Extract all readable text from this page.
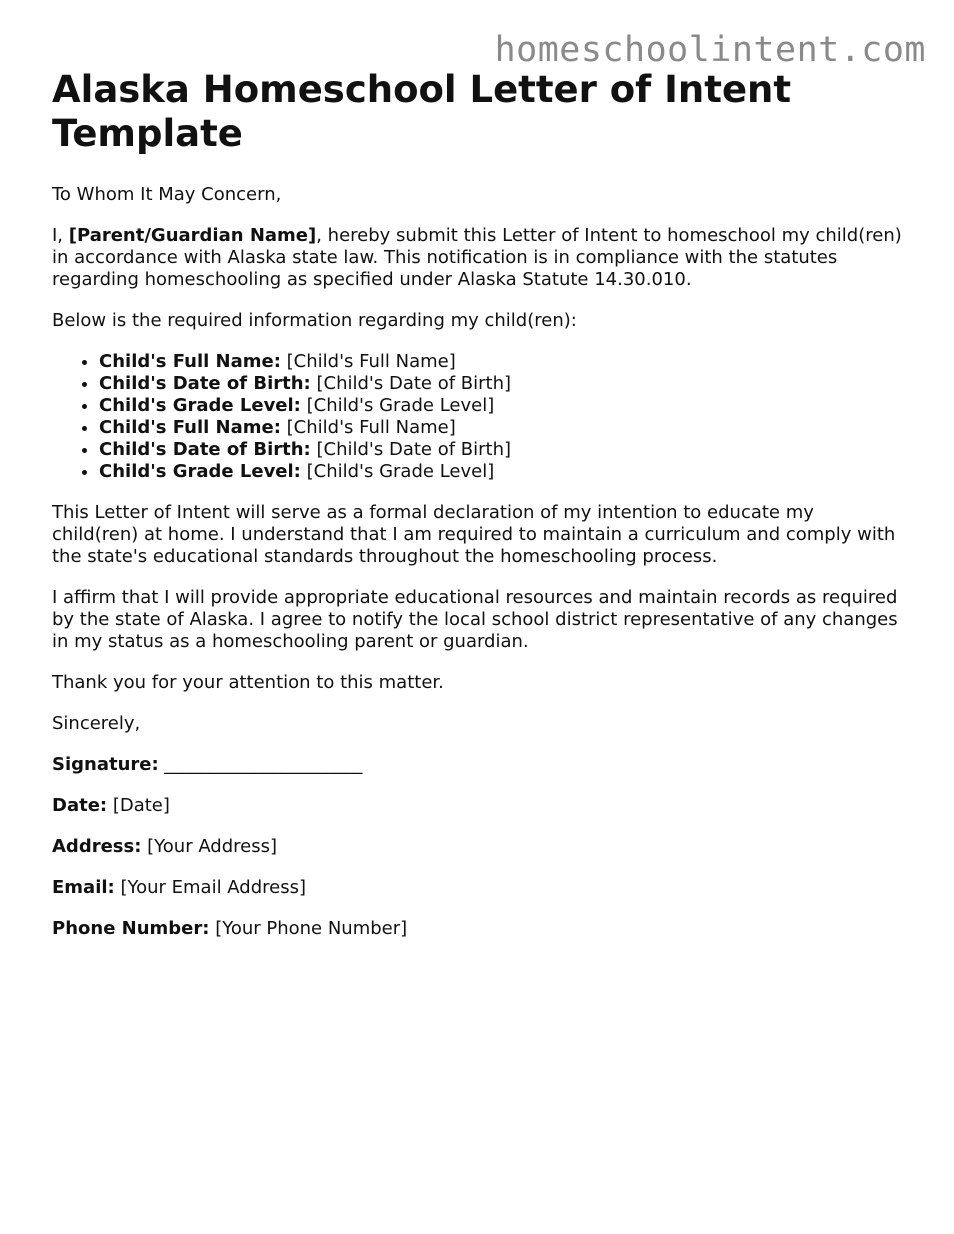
homeschoolintent.com
Alaska Homeschool Letter of Intent Template

To Whom It May Concern,

I, [Parent/Guardian Name], hereby submit this Letter of Intent to homeschool my child(ren) in accordance with Alaska state law. This notification is in compliance with the statutes regarding homeschooling as specified under Alaska Statute 14.30.010.

Below is the required information regarding my child(ren):

• Child's Full Name: [Child's Full Name]
• Child's Date of Birth: [Child's Date of Birth]
• Child's Grade Level: [Child's Grade Level]
• Child's Full Name: [Child's Full Name]
• Child's Date of Birth: [Child's Date of Birth]
• Child's Grade Level: [Child's Grade Level]

This Letter of Intent will serve as a formal declaration of my intention to educate my child(ren) at home. I understand that I am required to maintain a curriculum and comply with the state's educational standards throughout the homeschooling process.

I affirm that I will provide appropriate educational resources and maintain records as required by the state of Alaska. I agree to notify the local school district representative of any changes in my status as a homeschooling parent or guardian.

Thank you for your attention to this matter.

Sincerely,

Signature: ______________________

Date: [Date]

Address: [Your Address]

Email: [Your Email Address]

Phone Number: [Your Phone Number]
